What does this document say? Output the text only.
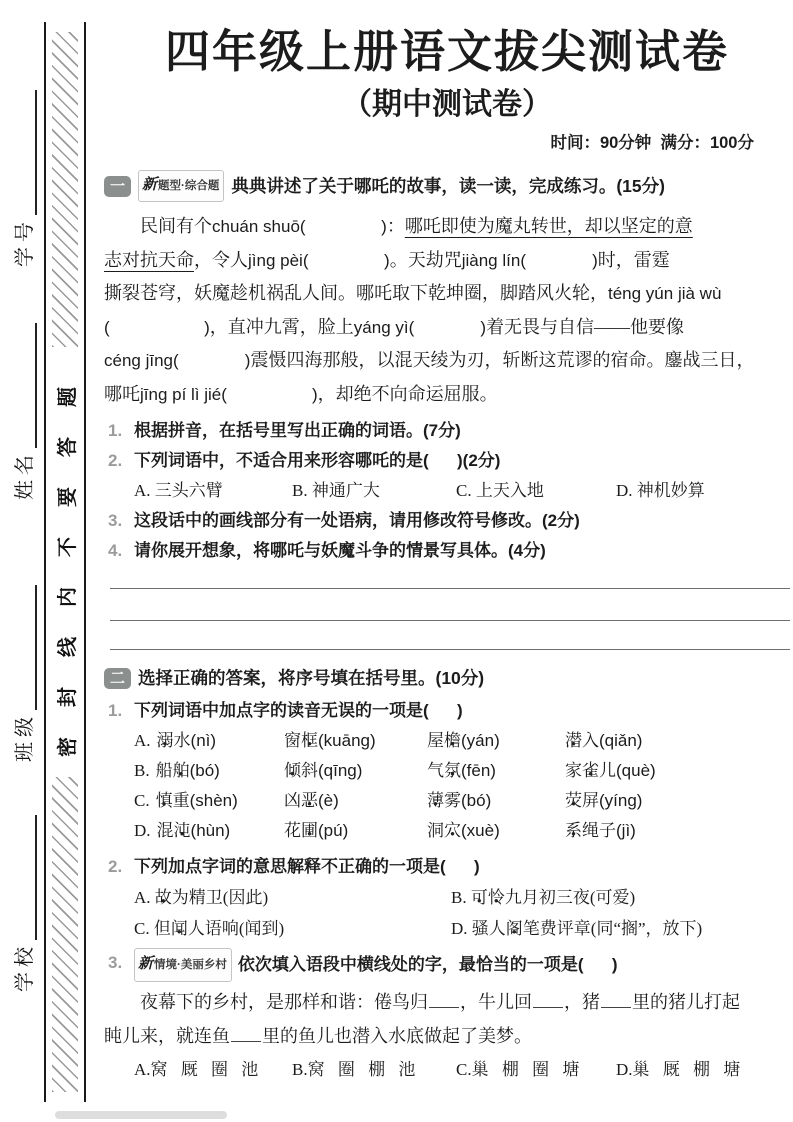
学校
班级
姓名
学号
密封线内不要答题
四年级上册语文拔尖测试卷
（期中测试卷）
时间：90分钟  满分：100分
一	新 题型·综合题 典典讲述了关于哪吒的故事，读一读，完成练习。(15分)
民间有个chuán shuō(                )：哪吒即使为魔丸转世，却以坚定的意
志对抗天命，令人jìng pèi(                )。天劫咒jiàng lín(              )时，雷霆
撕裂苍穹，妖魔趁机祸乱人间。哪吒取下乾坤圈，脚踏风火轮，téng yún jià wù
(                    )，直冲九霄，脸上yáng yì(              )着无畏与自信——他要像
céng jīng(              )震慑四海那般，以混天绫为刃，斩断这荒谬的宿命。鏖战三日，
哪吒jīng pí lì jié(                  )，却绝不向命运屈服。
1. 根据拼音，在括号里写出正确的词语。(7分)
2. 下列词语中，不适合用来形容哪吒的是(      )(2分)
A. 三头六臂	B. 神通广大	C. 上天入地	D. 神机妙算
3. 这段话中的画线部分有一处语病，请用修改符号修改。(2分)
4. 请你展开想象，将哪吒与妖魔斗争的情景写具体。(4分)
二 选择正确的答案，将序号填在括号里。(10分)
1. 下列词语中加点字的读音无误的一项是(      )
A. 溺 ●水(nì)	窗框 ●(kuāng)	屋檐 ●(yán)	潜 ●入(qiǎn)
B. 船舶 ●(bó)	倾 ●斜(qīng)	气氛 ●(fēn)	家雀 ●儿(què)
C. 慎 ●重(shèn)	凶恶 ●(è)	薄 ●雾(bó)	荧 ●屏(yíng)
D. 混沌 ●(hùn)	花圃 ●(pú)	洞穴 ●(xuè)	系 ●绳子(jì)
2. 下列加点字词的意思解释不正确的一项是(      )
A. 故 ●为精卫(因此)	B. 可 ●怜 ●九月初三夜(可爱)
C. 但闻 ●人语响(闻到)	D. 骚人阁 ●笔费评章(同“搁”，放下)
3.	新 情境·美丽乡村 依次填入语段中横线处的字，最恰当的一项是(      )
夜幕下的乡村，是那样和谐：倦鸟归 ，牛儿回 ，猪 里的猪儿打起
盹儿来，就连鱼 里的鱼儿也潜入水底做起了美梦。
A.窝 厩 圈 池	B.窝 圈 棚 池	C.巢 棚 圈 塘	D.巢 厩 棚 塘
